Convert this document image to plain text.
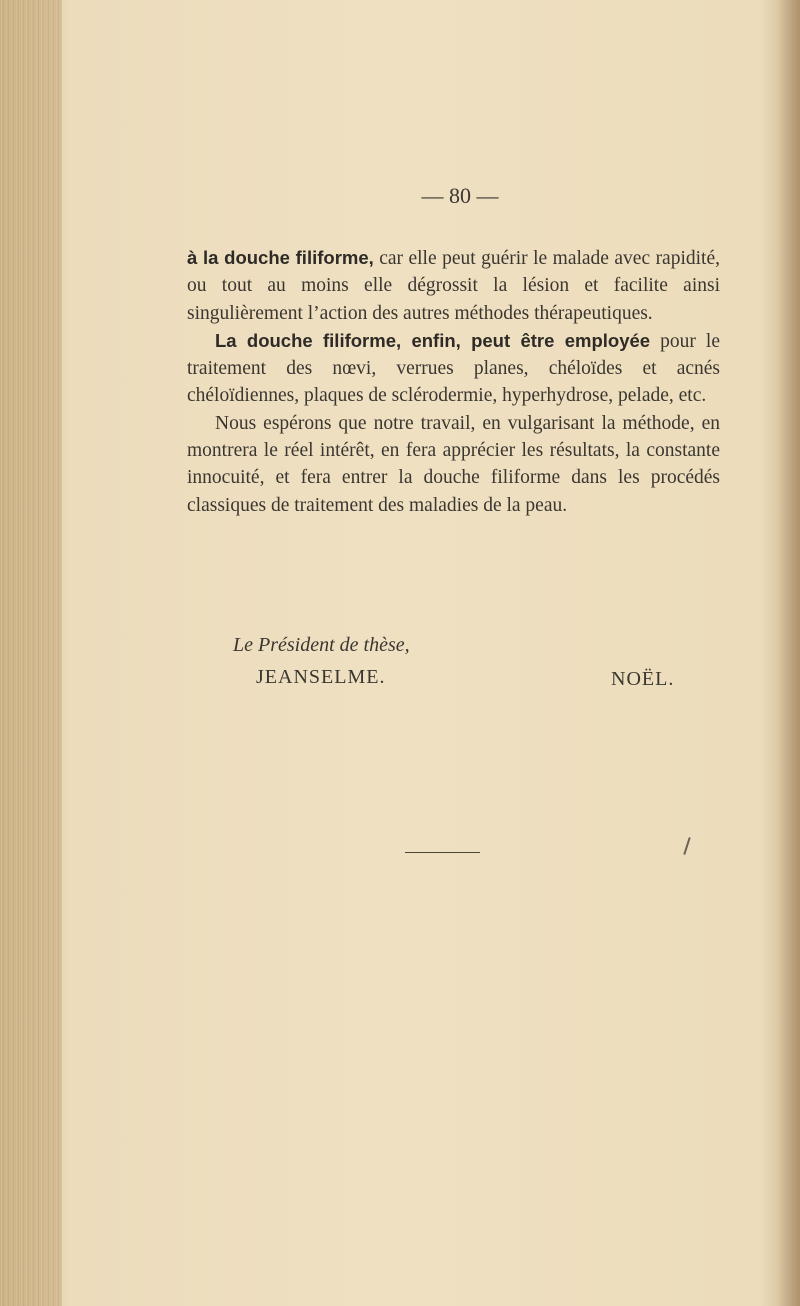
— 80 —

à la douche filiforme, car elle peut guérir le malade avec rapidité, ou tout au moins elle dégrossit la lésion et facilite ainsi singulièrement l’action des autres méthodes thérapeutiques.

La douche filiforme, enfin, peut être employée pour le traitement des nœvi, verrues planes, chéloïdes et acnés chéloïdiennes, plaques de sclérodermie, hyperhydrose, pelade, etc.

Nous espérons que notre travail, en vulgarisant la méthode, en montrera le réel intérêt, en fera apprécier les résultats, la constante innocuité, et fera entrer la douche filiforme dans les procédés classiques de traitement des maladies de la peau.

Le Président de thèse,
JEANSELME.	NOËL.
